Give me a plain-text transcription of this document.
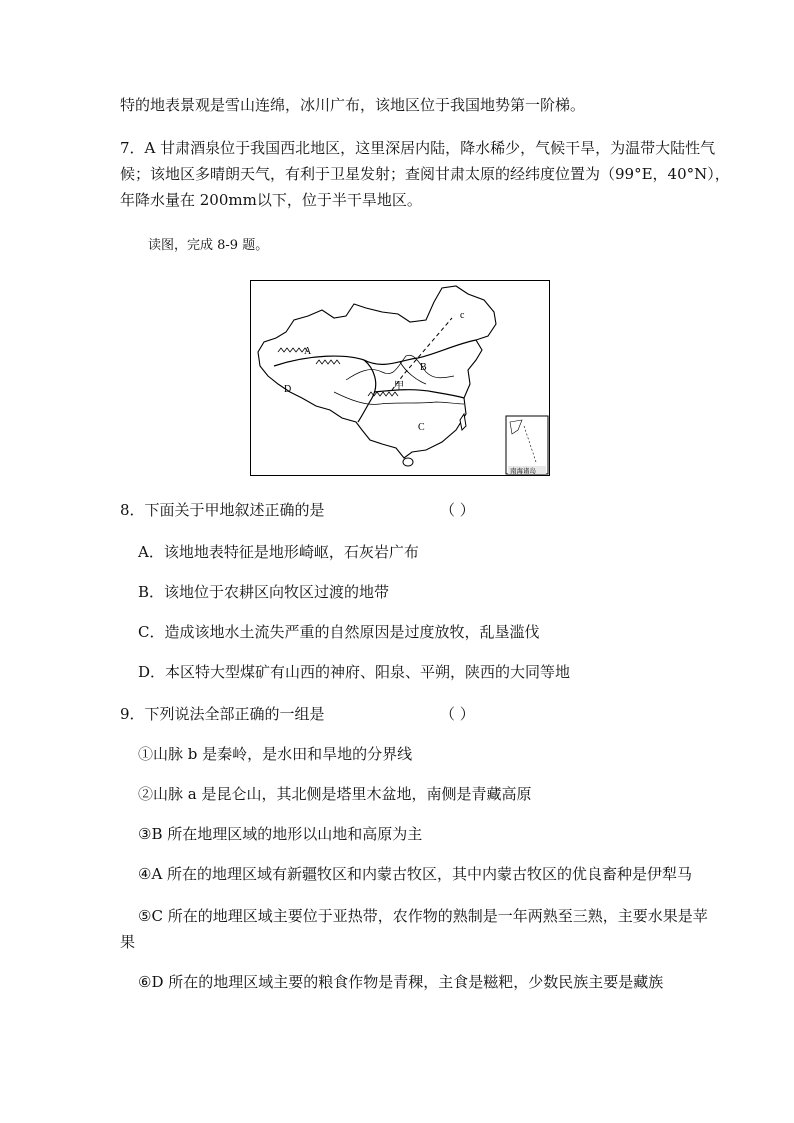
特的地表景观是雪山连绵，冰川广布，该地区位于我国地势第一阶梯。
7．A 甘肃酒泉位于我国西北地区，这里深居内陆，降水稀少，气候干旱，为温带大陆性气
候；该地区多晴朗天气，有利于卫星发射；查阅甘肃太原的经纬度位置为（99°E，40°N），
年降水量在 200mm以下，位于半干旱地区。
读图，完成 8-9 题。
A
B
C
D	甲
c
南海诸岛
8．下面关于甲地叙述正确的是	（ ）
A．该地地表特征是地形崎岖，石灰岩广布
B．该地位于农耕区向牧区过渡的地带
C．造成该地水土流失严重的自然原因是过度放牧，乱垦滥伐
D．本区特大型煤矿有山西的神府、阳泉、平朔，陕西的大同等地
9．下列说法全部正确的一组是	（ ）
①山脉 b 是秦岭，是水田和旱地的分界线
②山脉 a 是昆仑山，其北侧是塔里木盆地，南侧是青藏高原
③B 所在地理区域的地形以山地和高原为主
④A 所在的地理区域有新疆牧区和内蒙古牧区，其中内蒙古牧区的优良畜种是伊犁马
⑤C 所在的地理区域主要位于亚热带，农作物的熟制是一年两熟至三熟，主要水果是苹
果
⑥D 所在的地理区域主要的粮食作物是青稞，主食是糍粑，少数民族主要是藏族
